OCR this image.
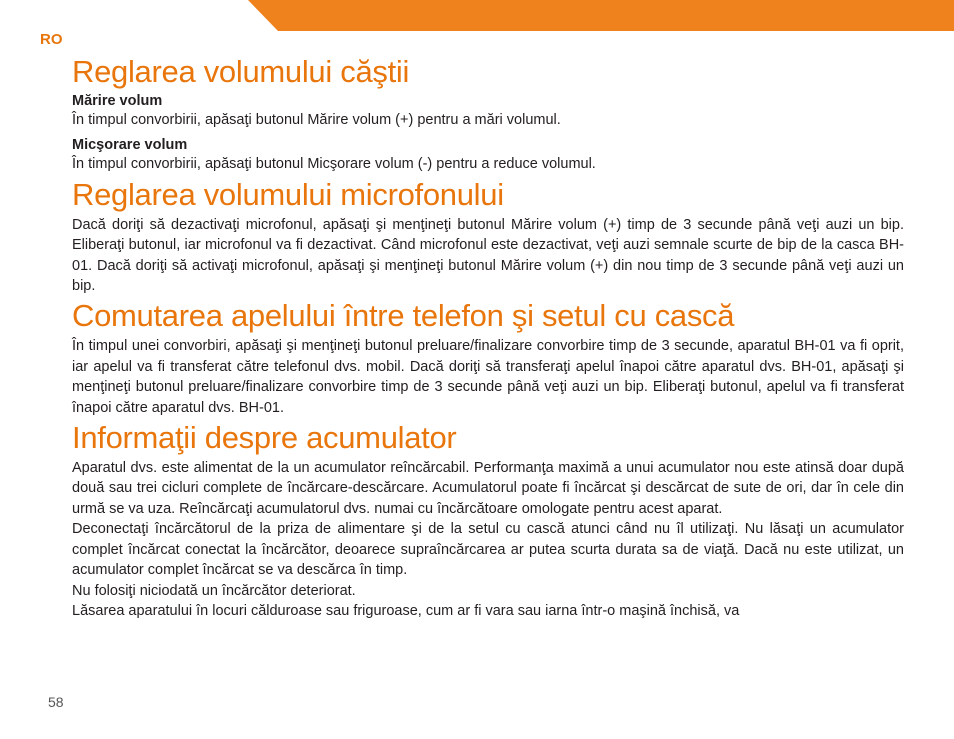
RO
Reglarea volumului căştii
Mărire volum

În timpul convorbirii, apăsaţi butonul Mărire volum (+) pentru a mări volumul.

Micşorare volum

În timpul convorbirii, apăsaţi butonul Micşorare volum (-) pentru a reduce volumul.

Reglarea volumului microfonului

Dacă doriţi să dezactivaţi microfonul, apăsaţi şi menţineţi butonul Mărire volum (+) timp de 3 secunde până veţi auzi un bip. Eliberaţi butonul, iar microfonul va fi dezactivat. Când microfonul este dezactivat, veţi auzi semnale scurte de bip de la casca BH-01. Dacă doriţi să activaţi microfonul, apăsaţi şi menţineţi butonul Mărire volum (+) din nou timp de 3 secunde până veţi auzi un bip.

Comutarea apelului între telefon şi setul cu cască

În timpul unei convorbiri, apăsaţi şi menţineţi butonul preluare/finalizare convorbire timp de 3 secunde, aparatul BH-01 va fi oprit, iar apelul va fi transferat către telefonul dvs. mobil. Dacă doriţi să transferaţi apelul înapoi către aparatul dvs. BH-01, apăsaţi şi menţineţi butonul preluare/finalizare convorbire timp de 3 secunde până veţi auzi un bip. Eliberaţi butonul, apelul va fi transferat înapoi către aparatul dvs. BH-01.

Informaţii despre acumulator

Aparatul dvs. este alimentat de la un acumulator reîncărcabil. Performanţa maximă a unui acumulator nou este atinsă doar după două sau trei cicluri complete de încărcare-descărcare. Acumulatorul poate fi încărcat şi descărcat de sute de ori, dar în cele din urmă se va uza. Reîncărcaţi acumulatorul dvs. numai cu încărcătoare omologate pentru acest aparat.

Deconectaţi încărcătorul de la priza de alimentare şi de la setul cu cască atunci când nu îl utilizaţi. Nu lăsaţi un acumulator complet încărcat conectat la încărcător, deoarece supraîncărcarea ar putea scurta durata sa de viaţă. Dacă nu este utilizat, un acumulator complet încărcat se va descărca în timp.

Nu folosiţi niciodată un încărcător deteriorat.

Lăsarea aparatului în locuri călduroase sau friguroase, cum ar fi vara sau iarna într-o maşină închisă, va

58
